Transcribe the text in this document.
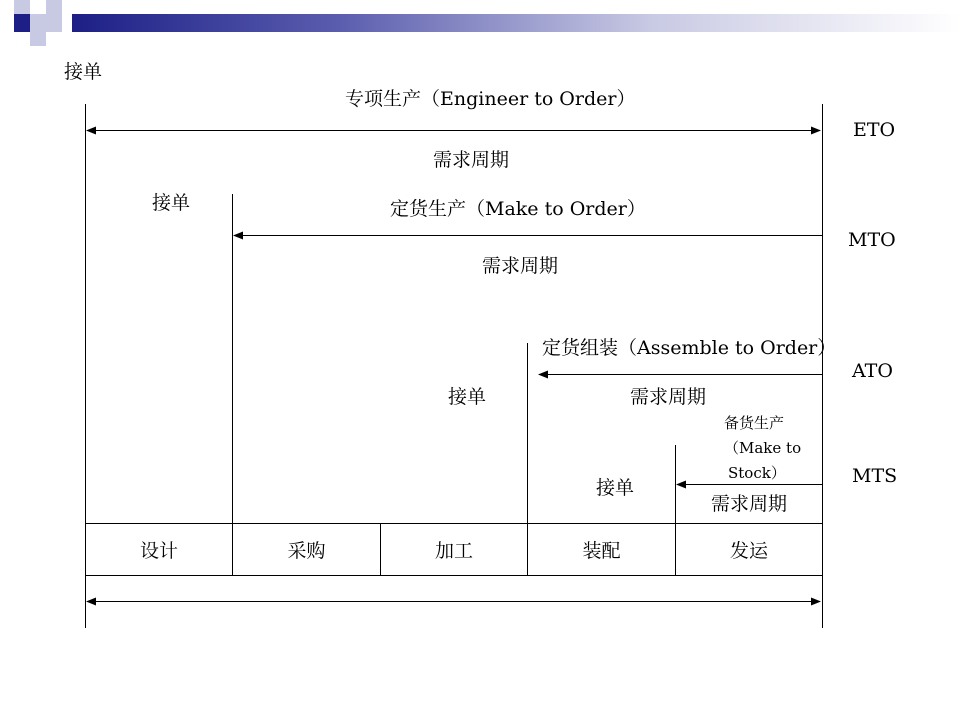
接单
专项生产（Engineer to Order）
ETO
需求周期
接单	定货生产（Make to Order）
MTO
需求周期
定货组装（Assemble to Order）
ATO
接单	需求周期
备货生产
（Make to
Stock）	MTS
接单
需求周期
设计	采购	加工	装配	发运
